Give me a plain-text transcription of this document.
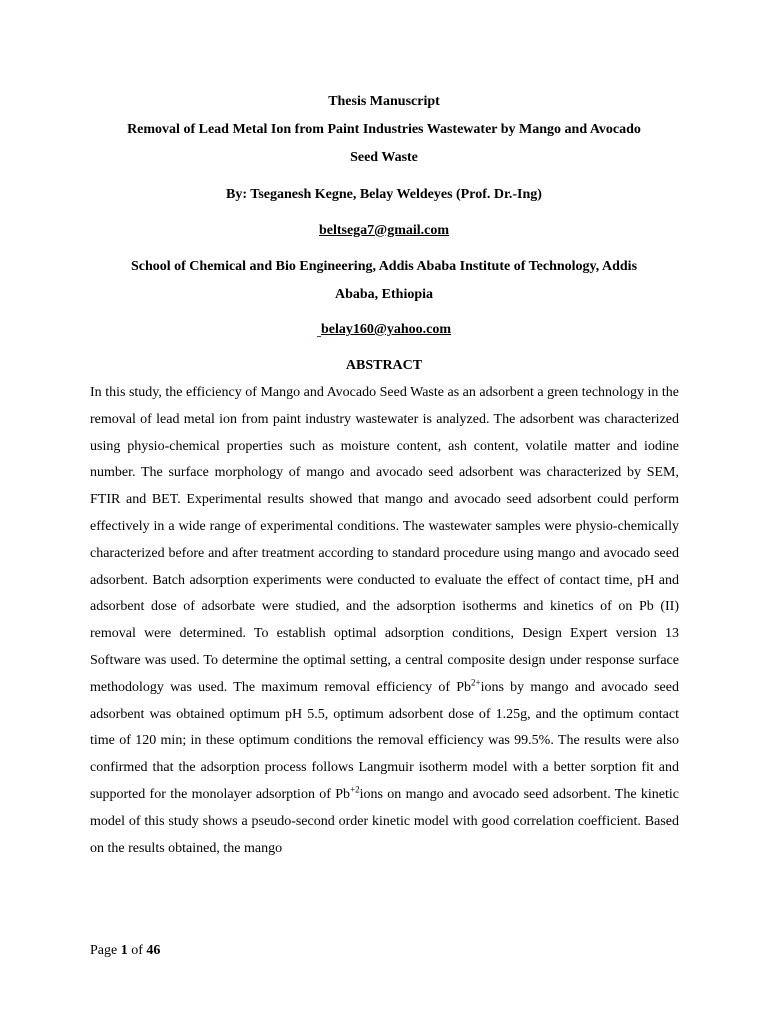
Thesis Manuscript
Removal of Lead Metal Ion from Paint Industries Wastewater by Mango and Avocado
Seed Waste
By: Tseganesh Kegne, Belay Weldeyes (Prof. Dr.-Ing)
beltsega7@gmail.com
School of Chemical and Bio Engineering, Addis Ababa Institute of Technology, Addis
Ababa, Ethiopia
belay160@yahoo.com
ABSTRACT

In this study, the efficiency of Mango and Avocado Seed Waste as an adsorbent a green technology in the removal of lead metal ion from paint industry wastewater is analyzed. The adsorbent was characterized using physio-chemical properties such as moisture content, ash content, volatile matter and iodine number. The surface morphology of mango and avocado seed adsorbent was characterized by SEM, FTIR and BET. Experimental results showed that mango and avocado seed adsorbent could perform effectively in a wide range of experimental conditions. The wastewater samples were physio-chemically characterized before and after treatment according to standard procedure using mango and avocado seed adsorbent. Batch adsorption experiments were conducted to evaluate the effect of contact time, pH and adsorbent dose of adsorbate were studied, and the adsorption isotherms and kinetics of on Pb (II) removal were determined. To establish optimal adsorption conditions, Design Expert version 13 Software was used. To determine the optimal setting, a central composite design under response surface methodology was used. The maximum removal efficiency of $Pb^{2+}ions$ by mango and avocado seed adsorbent was obtained optimum pH 5.5, optimum adsorbent dose of 1.25g, and the optimum contact time of 120 min; in these optimum conditions the removal efficiency was 99.5%. The results were also confirmed that the adsorption process follows Langmuir isotherm model with a better sorption fit and supported for the monolayer adsorption of $Pb^{+2}ions$ on mango and avocado seed adsorbent. The kinetic model of this study shows a pseudo-second order kinetic model with good correlation coefficient. Based on the results obtained, the mango

Page 1 of 46
